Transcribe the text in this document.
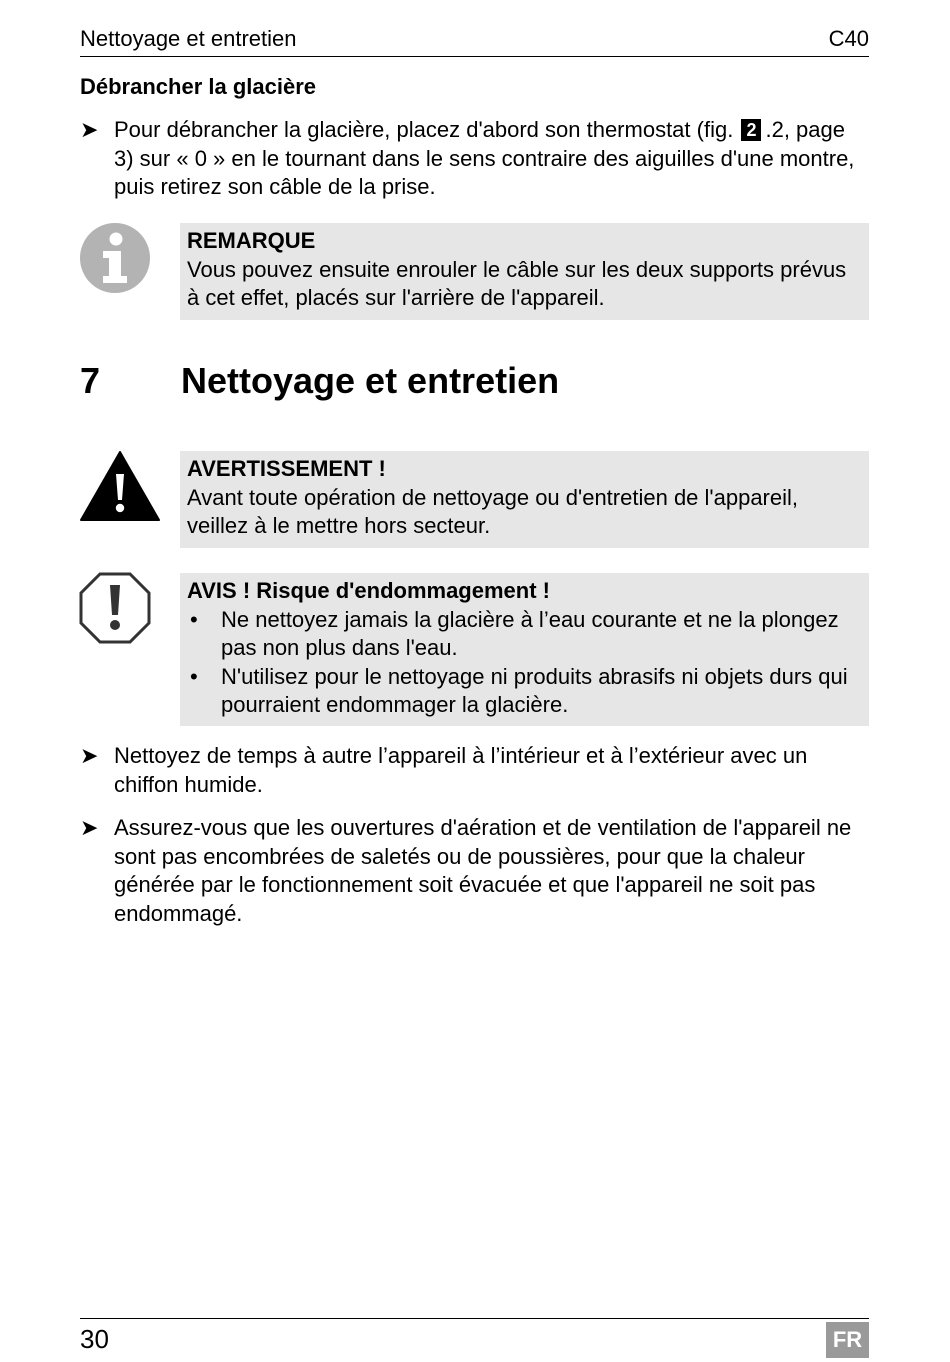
Nettoyage et entretien	C40
Débrancher la glacière
➤ Pour débrancher la glacière, placez d'abord son thermostat (fig. 2 .2, page 3) sur « 0 » en le tournant dans le sens contraire des aiguilles d'une montre, puis retirez son câble de la prise.
REMARQUE
Vous pouvez ensuite enrouler le câble sur les deux supports prévus à cet effet, placés sur l'arrière de l'appareil.
7 Nettoyage et entretien
AVERTISSEMENT !
Avant toute opération de nettoyage ou d'entretien de l'appareil, veillez à le mettre hors secteur.
AVIS ! Risque d'endommagement !
• Ne nettoyez jamais la glacière à l’eau courante et ne la plongez pas non plus dans l'eau.
• N'utilisez pour le nettoyage ni produits abrasifs ni objets durs qui pourraient endommager la glacière.
➤ Nettoyez de temps à autre l’appareil à l’intérieur et à l’extérieur avec un chiffon humide.
➤ Assurez-vous que les ouvertures d'aération et de ventilation de l'appareil ne sont pas encombrées de saletés ou de poussières, pour que la chaleur générée par le fonctionnement soit évacuée et que l'appareil ne soit pas endommagé.
30	FR
